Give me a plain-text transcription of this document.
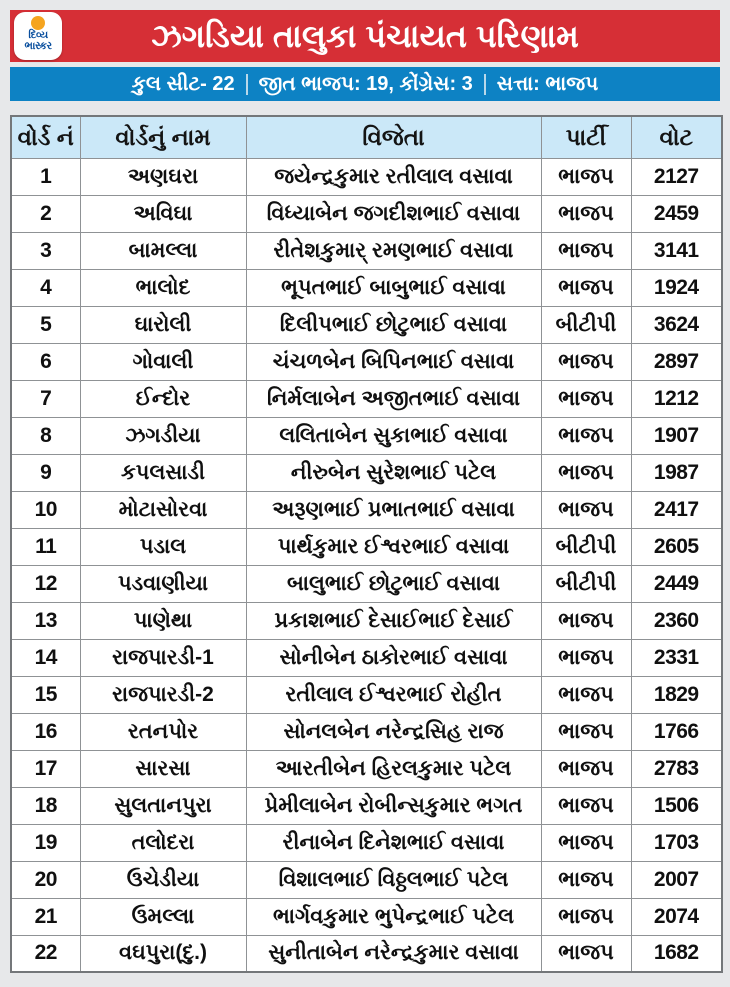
દિવ્ય
ભાસ્કર	ઝગડિયા તાલુકા પંચાયત પરિણામ
કુલ સીટ- 22 જીત ભાજપ: 19, કોંગ્રેસ: 3 સત્તા: ભાજપ
વોર્ડ નં	વોર્ડનું નામ	વિજેતા	પાર્ટી	વોટ
1	અણઘરા	જયેન્દ્રકુમાર રતીલાલ વસાવા	ભાજપ	2127
2	અવિઘા	વિધ્યાબેન જગદીશભાઈ વસાવા	ભાજપ	2459
3	બામલ્લા	રીતેશકુમાર્ રમણભાઈ વસાવા	ભાજપ	3141
4	ભાલોદ	ભૂપતભાઈ બાબુભાઈ વસાવા	ભાજપ	1924
5	ઘારોલી	દિલીપભાઈ છોટુભાઈ વસાવા	બીટીપી	3624
6	ગોવાલી	ચંચળબેન બિપિનભાઈ વસાવા	ભાજપ	2897
7	ઈન્દોર	નિર્મલાબેન અજીતભાઈ વસાવા	ભાજપ	1212
8	ઝગડીયા	લલિતાબેન સુકાભાઈ વસાવા	ભાજપ	1907
9	કપલસાડી	નીરુબેન સુરેશભાઈ પટેલ	ભાજપ	1987
10	મોટાસોરવા	અરૂણભાઈ પ્રભાતભાઈ વસાવા	ભાજપ	2417
11	પડાલ	પાર્થકુમાર ઈશ્વરભાઈ વસાવા	બીટીપી	2605
12	પડવાણીયા	બાલુભાઈ છોટુભાઈ વસાવા	બીટીપી	2449
13	પાણેથા	પ્રકાશભાઈ દેસાઈભાઈ દેસાઈ	ભાજપ	2360
14	રાજપારડી-1	સોનીબેન ઠાકોરભાઈ વસાવા	ભાજપ	2331
15	રાજપારડી-2	રતીલાલ ઈશ્વરભાઈ રોહીત	ભાજપ	1829
16	રતનપોર	સોનલબેન નરેન્દ્રસિહ રાજ	ભાજપ	1766
17	સારસા	આરતીબેન હિરલકુમાર પટેલ	ભાજપ	2783
18	સુલતાનપુરા	પ્રેમીલાબેન રોબીન્સકુમાર ભગત	ભાજપ	1506
19	તલોદરા	રીનાબેન દિનેશભાઈ વસાવા	ભાજપ	1703
20	ઉચેડીયા	વિશાલભાઈ વિઠ્ઠલભાઈ પટેલ	ભાજપ	2007
21	ઉમલ્લા	ભાર્ગવકુમાર ભુપેન્દ્રભાઈ પટેલ	ભાજપ	2074
22	વઘપુરા(દુ.)	સુનીતાબેન નરેન્દ્રકુમાર વસાવા	ભાજપ	1682
